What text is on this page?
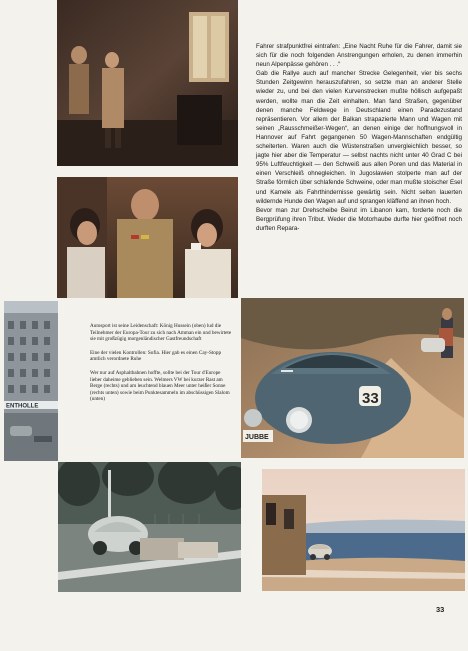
ENTHOLLE	33
JUBBE

Fahrer strafpunktfrei eintrafen: „Eine Nacht Ruhe für die Fahrer, damit sie sich für die noch folgenden Anstrengungen erholen, zu denen immerhin neun Alpenpässe gehören . . .“

Gab die Rallye auch auf mancher Strecke Gelegenheit, vier bis sechs Stunden Zeitgewinn herauszufahren, so setzte man an anderer Stelle wieder zu, und bei den vielen Kurvenstrecken mußte höllisch aufgepaßt werden, wollte man die Zeit einhalten. Man fand Straßen, gegenüber denen manche Feldwege in Deutschland einen Paradezustand repräsentieren. Vor allem der Balkan strapazierte Mann und Wagen mit seinen „Rausschmeißer-Wegen“, an denen einige der hoffnungsvoll in Hannover auf Fahrt gegangenen 50 Wagen-Mannschaften endgültig scheiterten. Waren auch die Wüstenstraßen unvergleichlich besser, so jagte hier aber die Temperatur — selbst nachts nicht unter 40 Grad C bei 95% Luftfeuchtigkeit — den Schweiß aus allen Poren und das Material in einen Verschleiß ohnegleichen. In Jugoslawien stolperte man auf der Straße förmlich über schlafende Schweine, oder man mußte stoischer Esel und Kamele als Fahrthindernisse gewärtig sein. Nicht selten lauerten wildernde Hunde den Wagen auf und sprangen kläffend an ihnen hoch.

Bevor man zur Drehscheibe Beirut im Libanon kam, forderte noch die Bergprüfung ihren Tribut. Weder die Motorhaube durfte hier geöffnet noch durften Repara-

Autosport ist seine Leidenschaft: König Hussein (oben) lud die Teilnehmer der Europa-Tour zu sich nach Amman ein und bewirtete sie mit großzügig morgenländischer Gastfreundschaft

Eine der vielen Kontrollen: Sofia. Hier gab es einen Cay-Stopp amtlich verordnete Ruhe

Wer nur auf Asphaltbahnen hoffte, sollte bei der Tour d'Europe lieber daheime geblieben sein. Welmers VW bei kurzer Rast am Berge (rechts) und am leuchtend blauen Meer unter heißer Sonne (rechts unten) sowie beim Punktesammeln im abschüssigen Slalom (unten)

33
